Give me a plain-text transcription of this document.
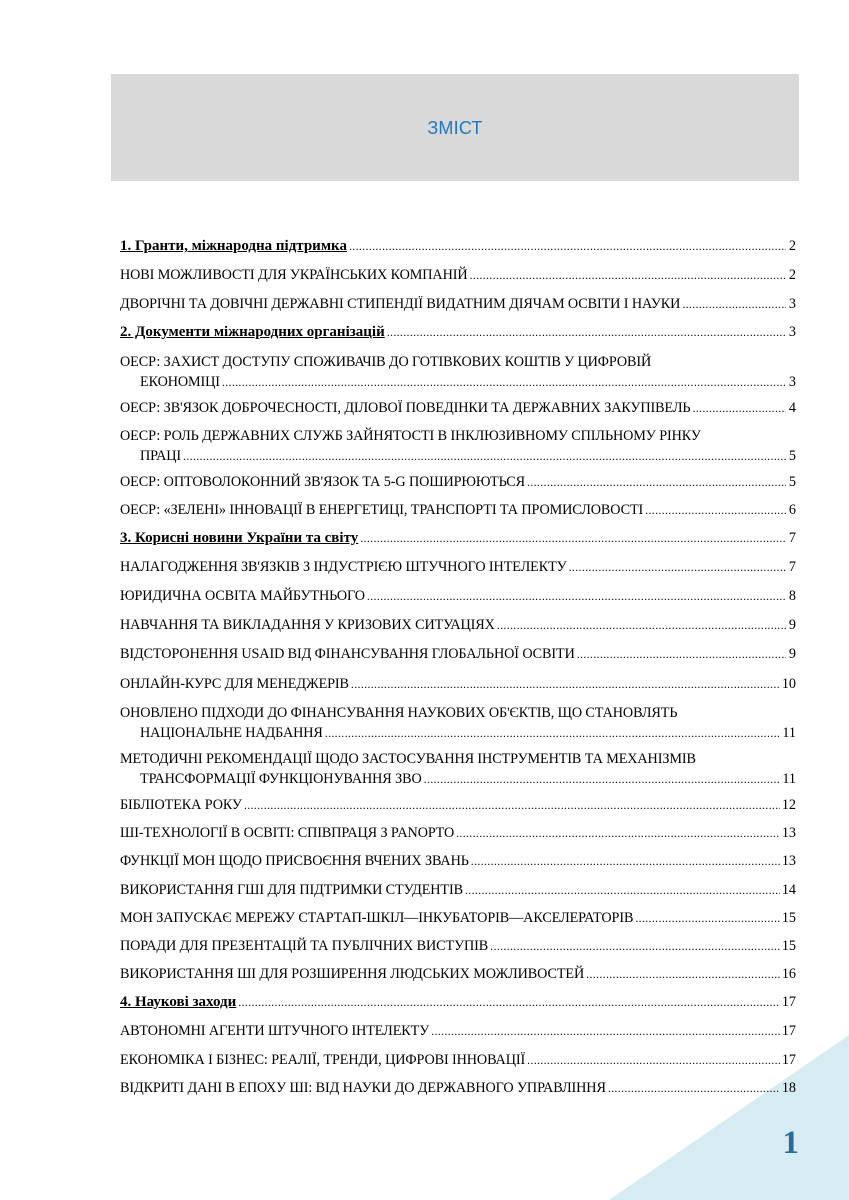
ЗМІСТ
1. Гранти, міжнародна підтримка .....	2
НОВІ МОЖЛИВОСТІ ДЛЯ УКРАЇНСЬКИХ КОМПАНІЙ .....	2
ДВОРІЧНІ ТА ДОВІЧНІ ДЕРЖАВНІ СТИПЕНДІЇ ВИДАТНИМ ДІЯЧАМ ОСВІТИ І НАУКИ .....	3
2. Документи міжнародних організацій .....	3
ОЕСР: ЗАХИСТ ДОСТУПУ СПОЖИВАЧІВ ДО ГОТІВКОВИХ КОШТІВ У ЦИФРОВІЙ
ЕКОНОМІЦІ .....	3
ОЕСР: ЗВ'ЯЗОК ДОБРОЧЕСНОСТІ, ДІЛОВОЇ ПОВЕДІНКИ ТА ДЕРЖАВНИХ ЗАКУПІВЕЛЬ .....	4
ОЕСР: РОЛЬ ДЕРЖАВНИХ СЛУЖБ ЗАЙНЯТОСТІ В ІНКЛЮЗИВНОМУ СПІЛЬНОМУ РІНКУ
ПРАЦІ .....	5
ОЕСР: ОПТОВОЛОКОННИЙ ЗВ'ЯЗОК ТА 5-G ПОШИРЮЮТЬСЯ .....	5
ОЕСР: «ЗЕЛЕНІ» ІННОВАЦІЇ В ЕНЕРГЕТИЦІ, ТРАНСПОРТІ ТА ПРОМИСЛОВОСТІ .....	6
3. Корисні новини України та світу .....	7
НАЛАГОДЖЕННЯ ЗВ'ЯЗКІВ З ІНДУСТРІЄЮ ШТУЧНОГО ІНТЕЛЕКТУ .....	7
ЮРИДИЧНА ОСВІТА МАЙБУТНЬОГО .....	8
НАВЧАННЯ ТА ВИКЛАДАННЯ У КРИЗОВИХ СИТУАЦІЯХ .....	9
ВІДСТОРОНЕННЯ USAID ВІД ФІНАНСУВАННЯ ГЛОБАЛЬНОЇ ОСВІТИ .....	9
ОНЛАЙН-КУРС ДЛЯ МЕНЕДЖЕРІВ .....	10
ОНОВЛЕНО ПІДХОДИ ДО ФІНАНСУВАННЯ НАУКОВИХ ОБ'ЄКТІВ, ЩО СТАНОВЛЯТЬ
НАЦІОНАЛЬНЕ НАДБАННЯ .....	11
МЕТОДИЧНІ РЕКОМЕНДАЦІЇ ЩОДО ЗАСТОСУВАННЯ ІНСТРУМЕНТІВ ТА МЕХАНІЗМІВ
ТРАНСФОРМАЦІЇ ФУНКЦІОНУВАННЯ ЗВО .....	11
БІБЛІОТЕКА РОКУ .....	12
ШІ-ТЕХНОЛОГІЇ В ОСВІТІ: СПІВПРАЦЯ З PANOPTO .....	13
ФУНКЦІЇ МОН ЩОДО ПРИСВОЄННЯ ВЧЕНИХ ЗВАНЬ .....	13
ВИКОРИСТАННЯ ГШІ ДЛЯ ПІДТРИМКИ СТУДЕНТІВ .....	14
МОН ЗАПУСКАЄ МЕРЕЖУ СТАРТАП-ШКІЛ—ІНКУБАТОРІВ—АКСЕЛЕРАТОРІВ .....	15
ПОРАДИ ДЛЯ ПРЕЗЕНТАЦІЙ ТА ПУБЛІЧНИХ ВИСТУПІВ .....	15
ВИКОРИСТАННЯ ШІ ДЛЯ РОЗШИРЕННЯ ЛЮДСЬКИХ МОЖЛИВОСТЕЙ .....	16
4. Наукові заходи .....	17
АВТОНОМНІ АГЕНТИ ШТУЧНОГО ІНТЕЛЕКТУ .....	17
ЕКОНОМІКА І БІЗНЕС: РЕАЛІЇ, ТРЕНДИ, ЦИФРОВІ ІННОВАЦІЇ .....	17
ВІДКРИТІ ДАНІ В ЕПОХУ ШІ: ВІД НАУКИ ДО ДЕРЖАВНОГО УПРАВЛІННЯ .....	18
1
